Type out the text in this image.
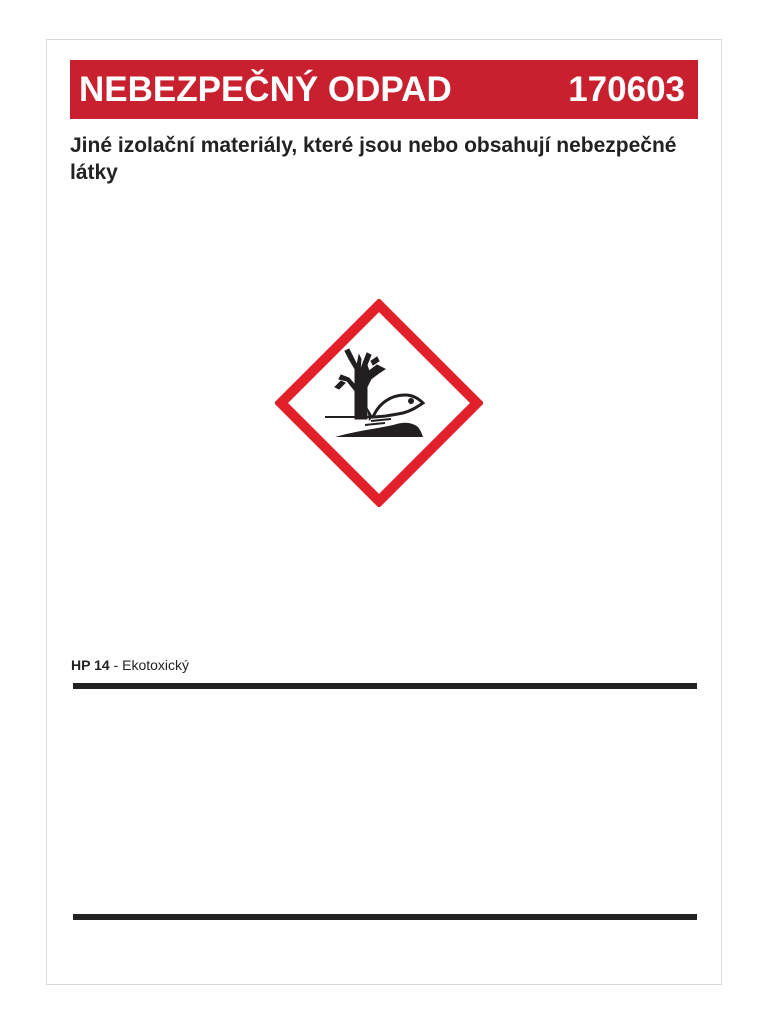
NEBEZPEČNÝ ODPAD	170603
Jiné izolační materiály, které jsou nebo obsahují nebezpečné látky
HP 14 - Ekotoxický
